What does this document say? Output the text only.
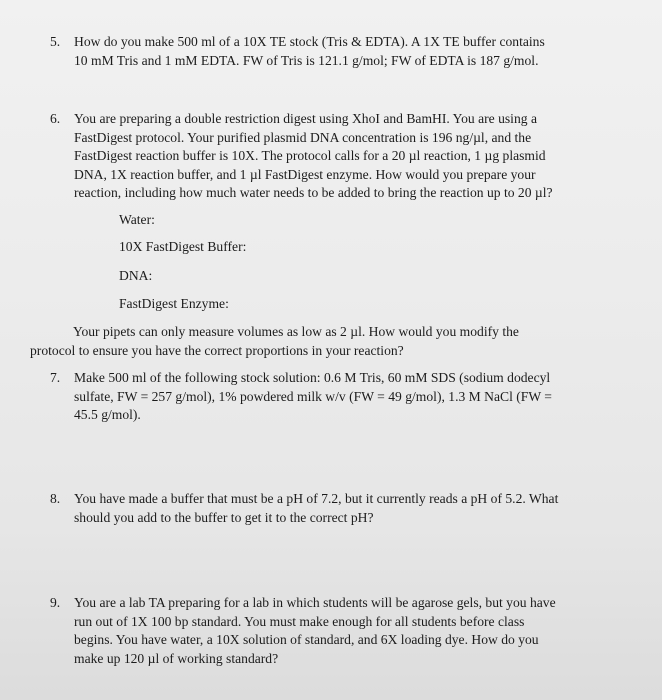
5. How do you make 500 ml of a 10X TE stock (Tris & EDTA). A 1X TE buffer contains
10 mM Tris and 1 mM EDTA. FW of Tris is 121.1 g/mol; FW of EDTA is 187 g/mol.
6. You are preparing a double restriction digest using XhoI and BamHI. You are using a
FastDigest protocol. Your purified plasmid DNA concentration is 196 ng/µl, and the
FastDigest reaction buffer is 10X. The protocol calls for a 20 µl reaction, 1 µg plasmid
DNA, 1X reaction buffer, and 1 µl FastDigest enzyme. How would you prepare your
reaction, including how much water needs to be added to bring the reaction up to 20 µl?
Water:
10X FastDigest Buffer:
DNA:
FastDigest Enzyme:
Your pipets can only measure volumes as low as 2 µl. How would you modify the
protocol to ensure you have the correct proportions in your reaction?
7. Make 500 ml of the following stock solution: 0.6 M Tris, 60 mM SDS (sodium dodecyl
sulfate, FW = 257 g/mol), 1% powdered milk w/v (FW = 49 g/mol), 1.3 M NaCl (FW =
45.5 g/mol).
8. You have made a buffer that must be a pH of 7.2, but it currently reads a pH of 5.2. What
should you add to the buffer to get it to the correct pH?
9. You are a lab TA preparing for a lab in which students will be agarose gels, but you have
run out of 1X 100 bp standard. You must make enough for all students before class
begins. You have water, a 10X solution of standard, and 6X loading dye. How do you
make up 120 µl of working standard?
